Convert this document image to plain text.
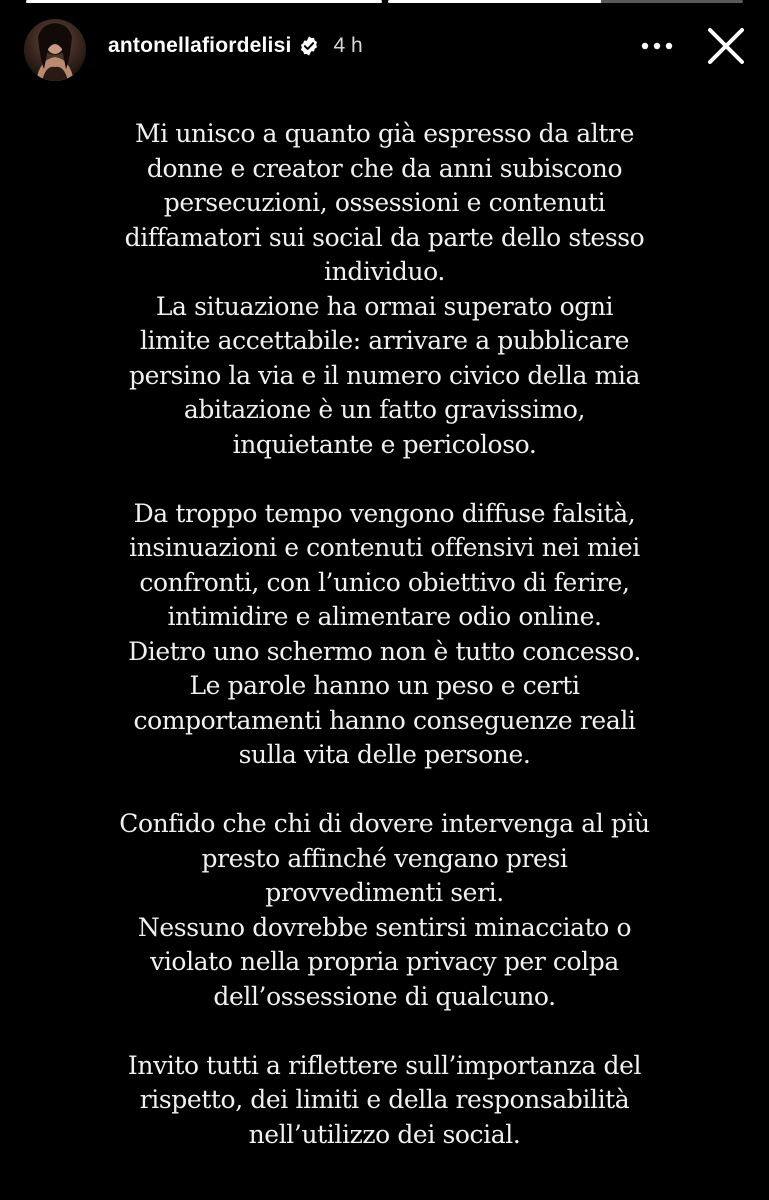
antonellafiordelisi 4 h
Mi unisco a quanto già espresso da altre
donne e creator che da anni subiscono
persecuzioni, ossessioni e contenuti
diffamatori sui social da parte dello stesso
individuo.
La situazione ha ormai superato ogni
limite accettabile: arrivare a pubblicare
persino la via e il numero civico della mia
abitazione è un fatto gravissimo,
inquietante e pericoloso.
Da troppo tempo vengono diffuse falsità,
insinuazioni e contenuti offensivi nei miei
confronti, con l’unico obiettivo di ferire,
intimidire e alimentare odio online.
Dietro uno schermo non è tutto concesso.
Le parole hanno un peso e certi
comportamenti hanno conseguenze reali
sulla vita delle persone.
Confido che chi di dovere intervenga al più
presto affinché vengano presi
provvedimenti seri.
Nessuno dovrebbe sentirsi minacciato o
violato nella propria privacy per colpa
dell’ossessione di qualcuno.
Invito tutti a riflettere sull’importanza del
rispetto, dei limiti e della responsabilità
nell’utilizzo dei social.
